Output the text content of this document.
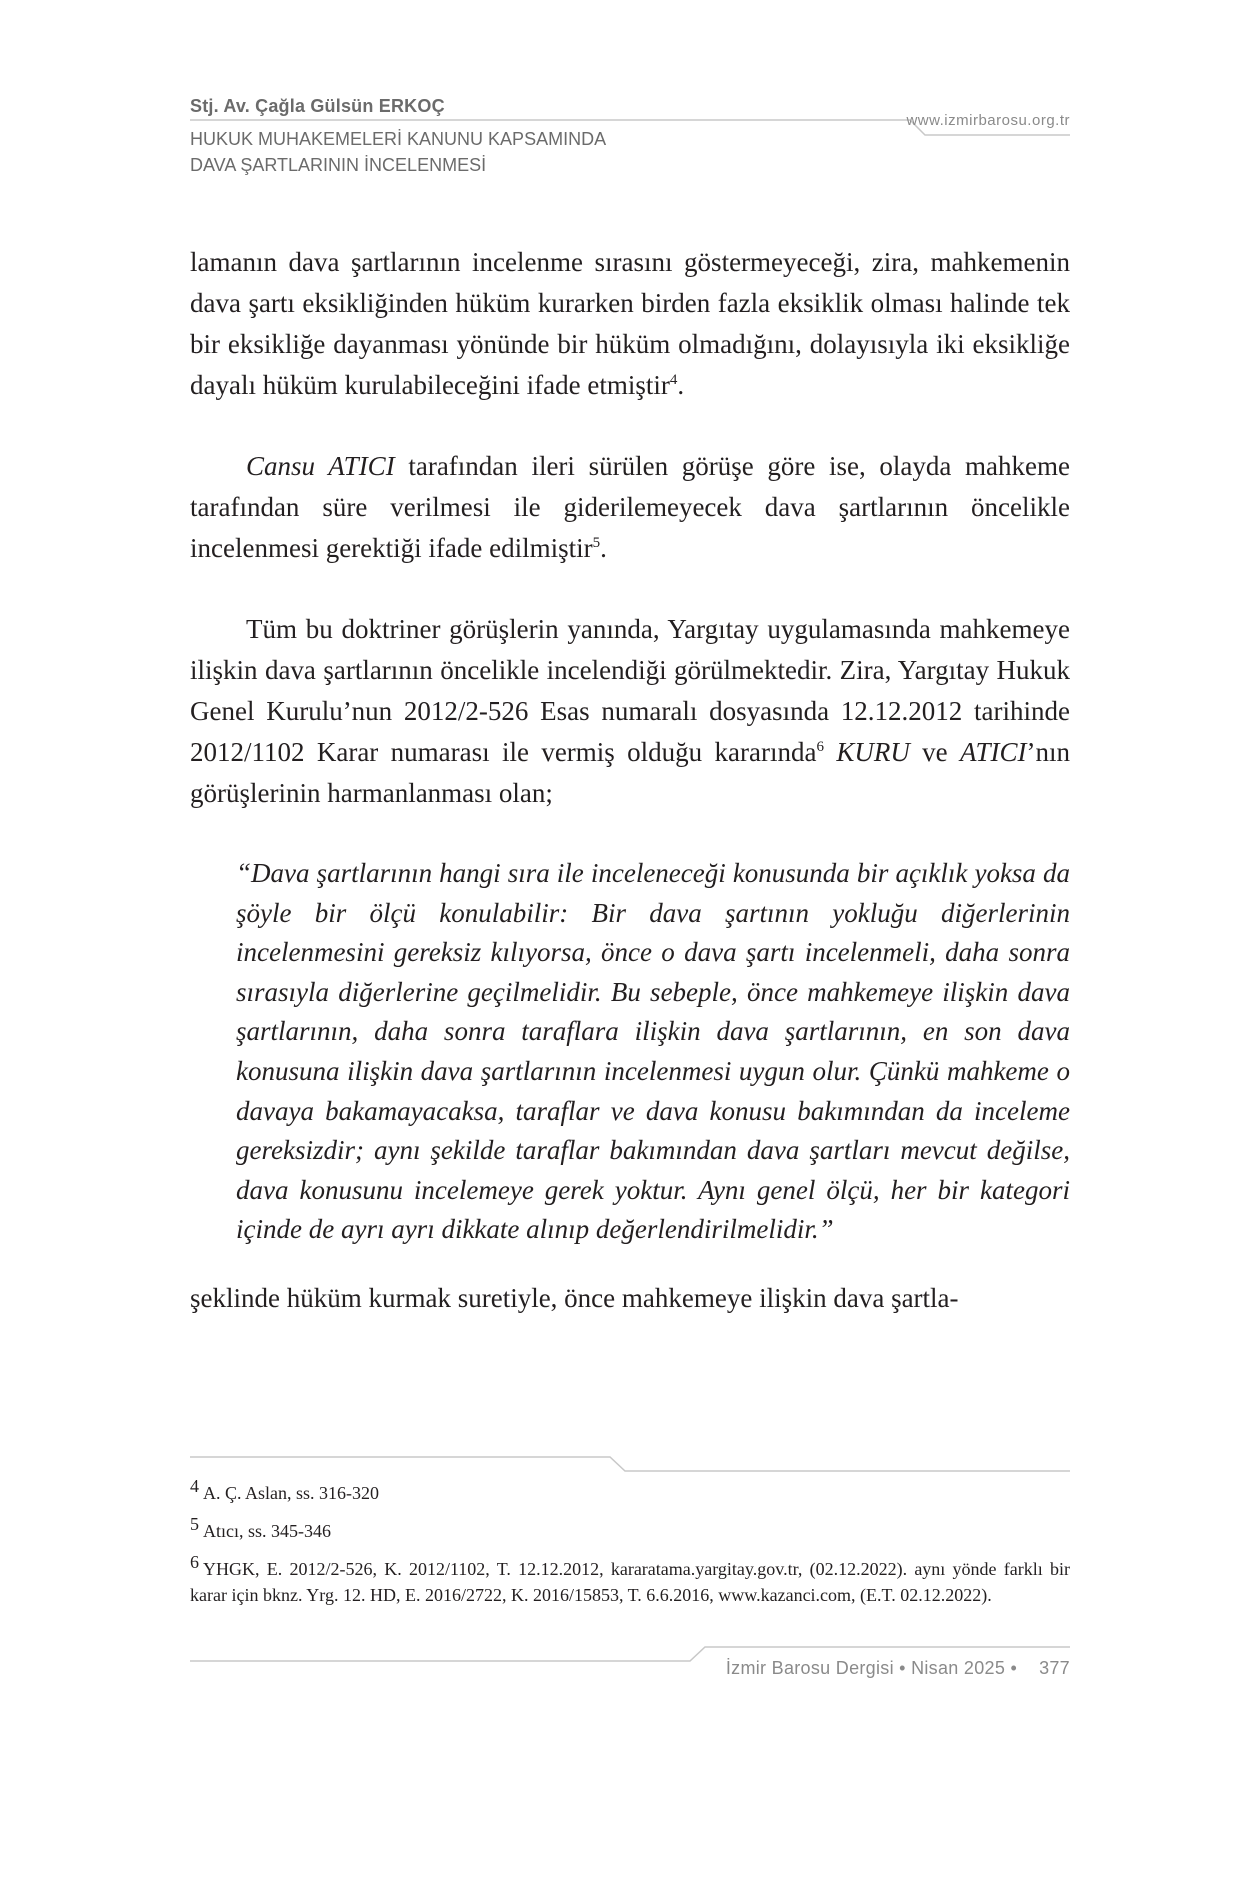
Stj. Av. Çağla Gülsün ERKOÇ
HUKUK MUHAKEMELERİ KANUNU KAPSAMINDA
DAVA ŞARTLARININ İNCELENMESİ
www.izmirbarosu.org.tr

lamanın dava şartlarının incelenme sırasını göstermeyeceği, zira, mahkemenin dava şartı eksikliğinden hüküm kurarken birden fazla eksiklik olması halinde tek bir eksikliğe dayanması yönünde bir hüküm olmadığını, dolayısıyla iki eksikliğe dayalı hüküm kurulabileceğini ifade etmiştir$^4$.

Cansu ATICI tarafından ileri sürülen görüşe göre ise, olayda mahkeme tarafından süre verilmesi ile giderilemeyecek dava şartlarının öncelikle incelenmesi gerektiği ifade edilmiştir$^5$.

Tüm bu doktriner görüşlerin yanında, Yargıtay uygulamasında mahkemeye ilişkin dava şartlarının öncelikle incelendiği görülmektedir. Zira, Yargıtay Hukuk Genel Kurulu’nun 2012/2-526 Esas numaralı dosyasında 12.12.2012 tarihinde 2012/1102 Karar numarası ile vermiş olduğu kararında$^6$ KURU ve ATICI’nın görüşlerinin harmanlanması olan;

“Dava şartlarının hangi sıra ile inceleneceği konusunda bir açıklık yoksa da şöyle bir ölçü konulabilir: Bir dava şartının yokluğu diğerlerinin incelenmesini gereksiz kılıyorsa, önce o dava şartı incelenmeli, daha sonra sırasıyla diğerlerine geçilmelidir. Bu sebeple, önce mahkemeye ilişkin dava şartlarının, daha sonra taraflara ilişkin dava şartlarının, en son dava konusuna ilişkin dava şartlarının incelenmesi uygun olur. Çünkü mahkeme o davaya bakamayacaksa, taraflar ve dava konusu bakımından da inceleme gereksizdir; aynı şekilde taraflar bakımından dava şartları mevcut değilse, dava konusunu incelemeye gerek yoktur. Aynı genel ölçü, her bir kategori içinde de ayrı ayrı dikkate alınıp değerlendirilmelidir.”

şeklinde hüküm kurmak suretiyle, önce mahkemeye ilişkin dava şartla-

4 A. Ç. Aslan, ss. 316-320

5 Atıcı, ss. 345-346

6 YHGK, E. 2012/2-526, K. 2012/1102, T. 12.12.2012, kararatama.yargitay.gov.tr, (02.12.2022). aynı yönde farklı bir karar için bknz. Yrg. 12. HD, E. 2016/2722, K. 2016/15853, T. 6.6.2016, www.kazanci.com, (E.T. 02.12.2022).

İzmir Barosu Dergisi • Nisan 2025 • 377
